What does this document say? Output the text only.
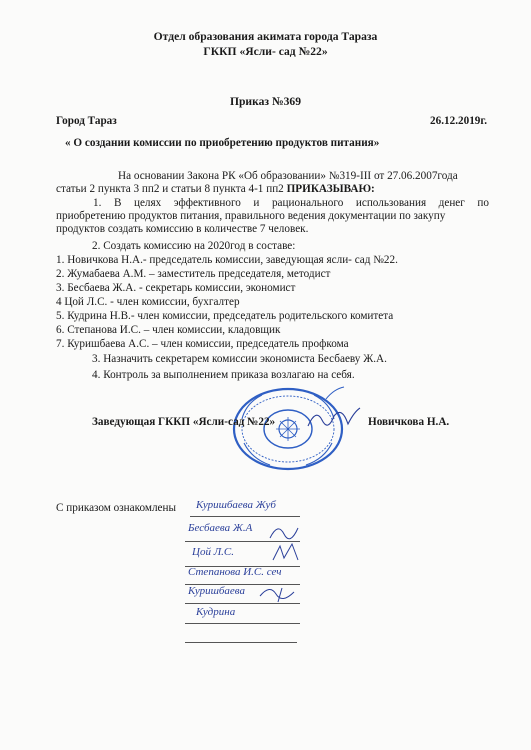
Отдел образования акимата города Тараза
ГККП «Ясли- сад №22»
Приказ №369
Город Тараз	26.12.2019г.
« О создании комиссии по приобретению продуктов питания»
На основании Закона РК «Об образовании» №319-III от 27.06.2007года
статьи 2 пункта 3 пп2 и статьи 8 пункта 4-1 пп2 ПРИКАЗЫВАЮ:
1. В целях эффективного и рационального использования денег по
приобретению продуктов питания, правильного ведения документации по закупу
продуктов создать комиссию в количестве 7 человек.
2. Создать комиссию на 2020год в составе:
1. Новичкова Н.А.- председатель комиссии, заведующая ясли- сад №22.
2. Жумабаева А.М. – заместитель председателя, методист
3. Бесбаева Ж.А. - секретарь комиссии, экономист
4 Цой Л.С. - член комиссии, бухгалтер
5. Кудрина Н.В.- член комиссии, председатель родительского комитета
6. Степанова И.С. – член комиссии, кладовщик
7. Куришбаева А.С. – член комиссии, председатель профкома
3. Назначить секретарем комиссии экономиста Бесбаеву Ж.А.
4. Контроль за выполнением приказа возлагаю на себя.
Заведующая ГККП «Ясли-сад №22»	Новичкова Н.А.
С приказом ознакомлены Куришбаева Жуб
Бесбаева Ж.А
Цой Л.С.
Степанова И.С. сеч
Куришбаева
Кудрина
